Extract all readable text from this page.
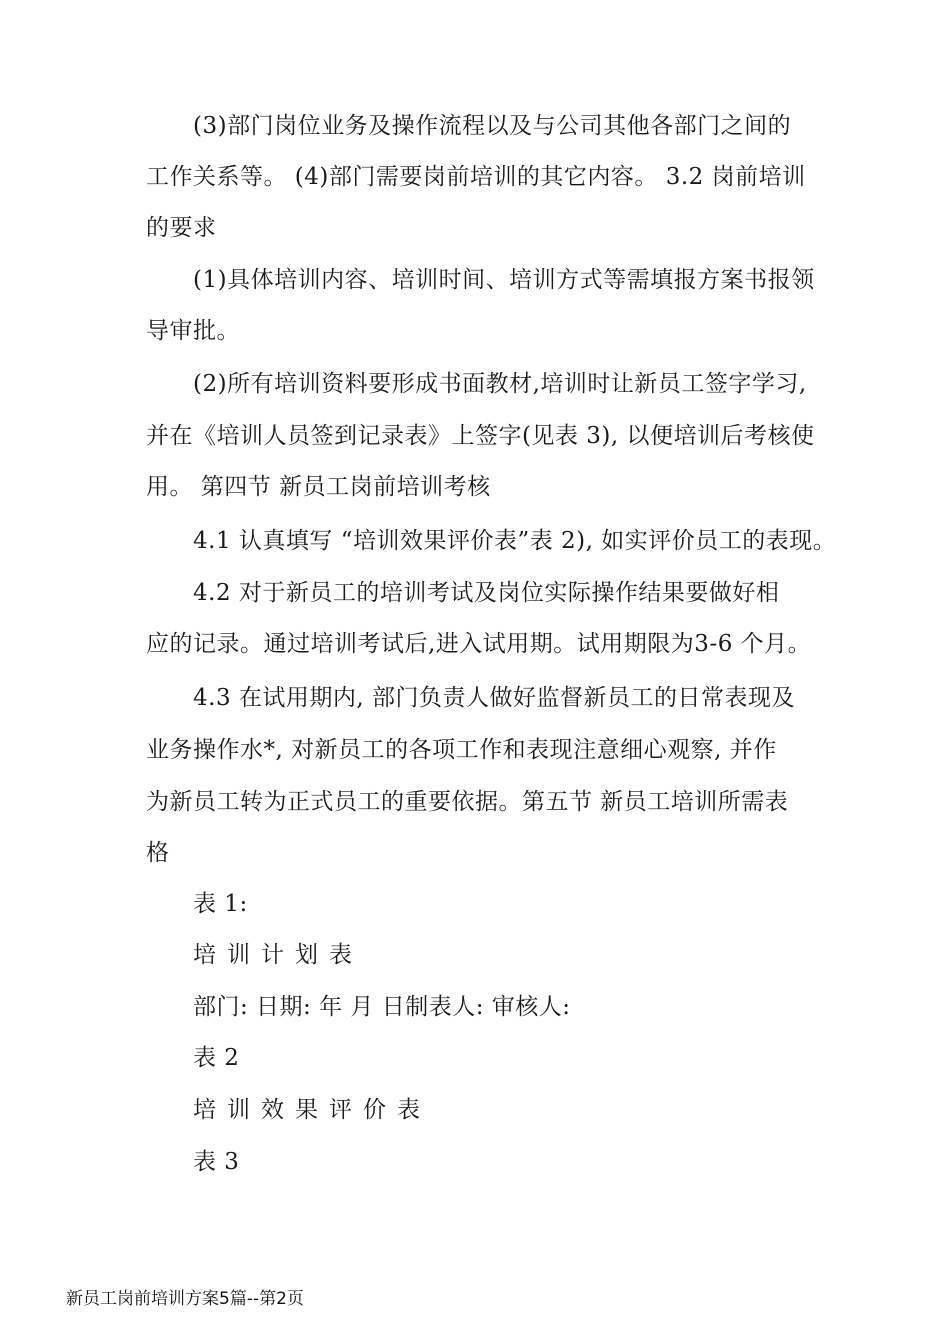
(3)部门岗位业务及操作流程以及与公司其他各部门之间的
工作关系等。 (4)部门需要岗前培训的其它内容。 3.2 岗前培训
的要求
(1)具体培训内容、培训时间、培训方式等需填报方案书报领
导审批。
(2)所有培训资料要形成书面教材,培训时让新员工签字学习,
并在《培训人员签到记录表》上签字(见表 3), 以便培训后考核使
用。 第四节 新员工岗前培训考核
4.1 认真填写 “培训效果评价表”表 2), 如实评价员工的表现。
4.2 对于新员工的培训考试及岗位实际操作结果要做好相
应的记录。通过培训考试后,进入试用期。试用期限为3-6 个月。
4.3 在试用期内, 部门负责人做好监督新员工的日常表现及
业务操作水*, 对新员工的各项工作和表现注意细心观察, 并作
为新员工转为正式员工的重要依据。第五节 新员工培训所需表
格
表 1:
培训计划表
部门: 日期: 年 月 日制表人: 审核人:
表 2
培训效果评价表
表 3
新员工岗前培训方案5篇--第2页
